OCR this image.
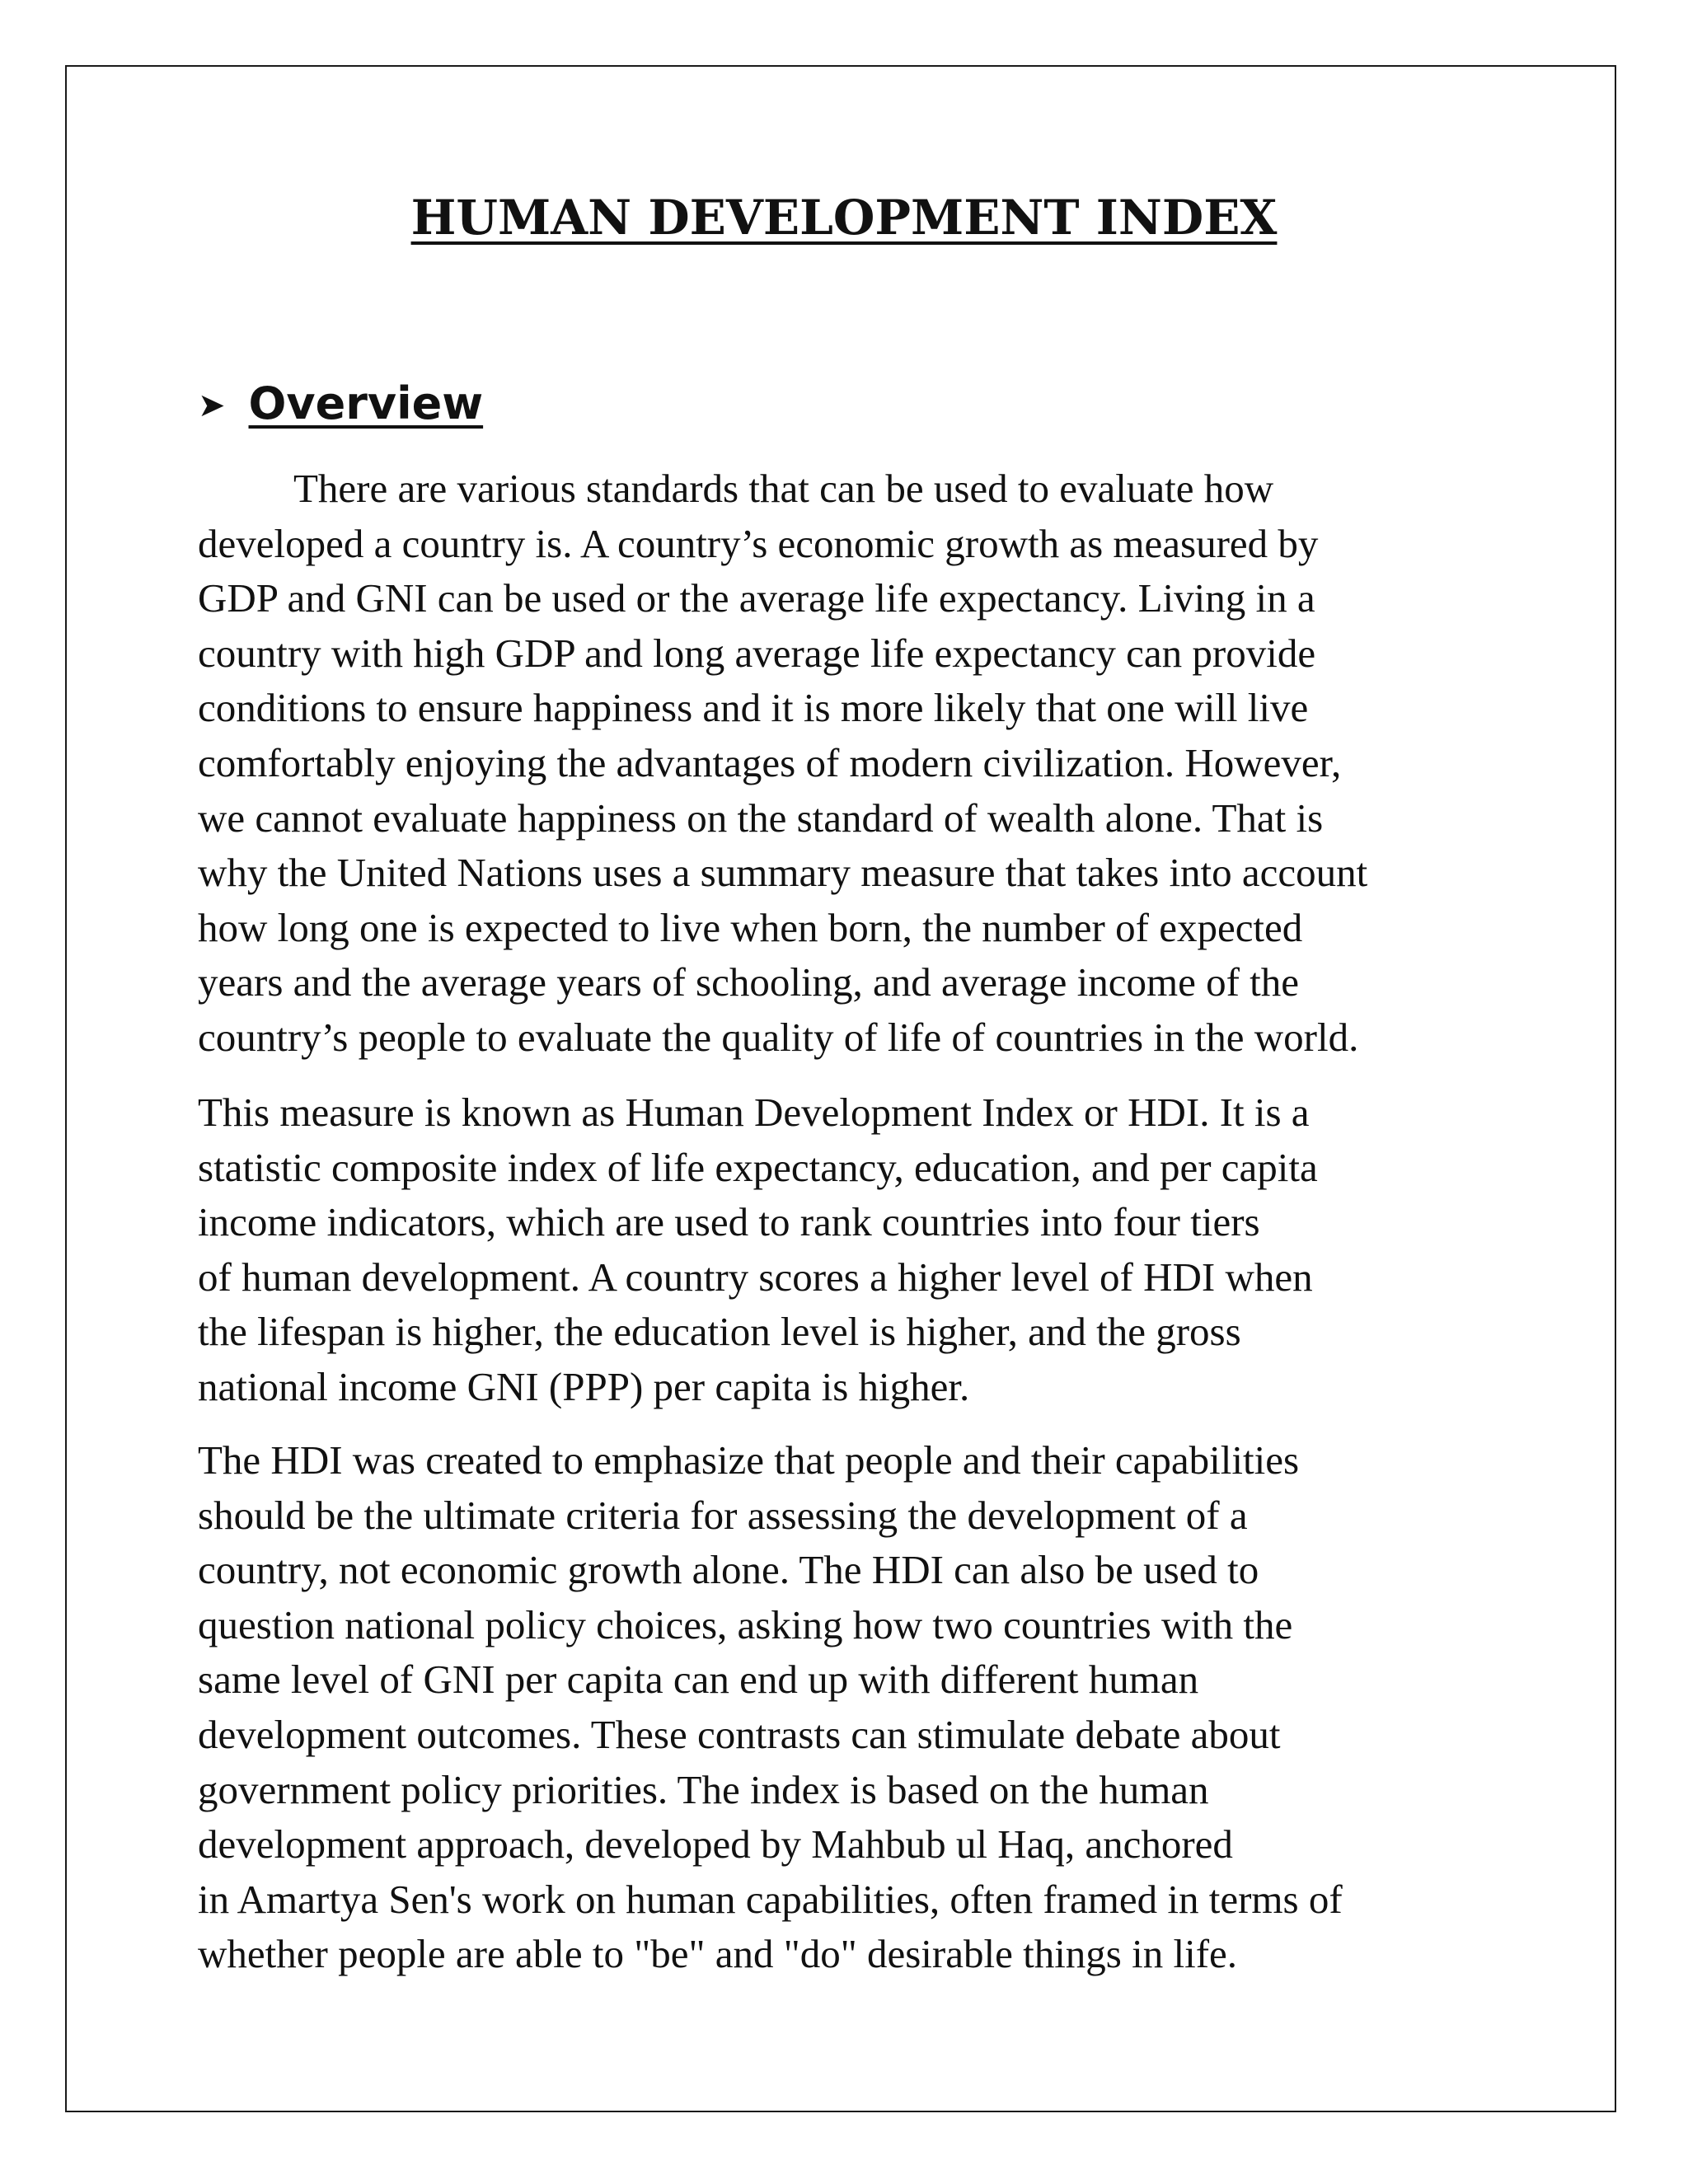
HUMAN DEVELOPMENT INDEX
➤ Overview

There are various standards that can be used to evaluate how
developed a country is. A country’s economic growth as measured by
GDP and GNI can be used or the average life expectancy. Living in a
country with high GDP and long average life expectancy can provide
conditions to ensure happiness and it is more likely that one will live
comfortably enjoying the advantages of modern civilization. However,
we cannot evaluate happiness on the standard of wealth alone. That is
why the United Nations uses a summary measure that takes into account
how long one is expected to live when born, the number of expected
years and the average years of schooling, and average income of the
country’s people to evaluate the quality of life of countries in the world.

This measure is known as Human Development Index or HDI. It is a
statistic composite index of life expectancy, education, and per capita
income indicators, which are used to rank countries into four tiers
of human development. A country scores a higher level of HDI when
the lifespan is higher, the education level is higher, and the gross
national income GNI (PPP) per capita is higher.

The HDI was created to emphasize that people and their capabilities
should be the ultimate criteria for assessing the development of a
country, not economic growth alone. The HDI can also be used to
question national policy choices, asking how two countries with the
same level of GNI per capita can end up with different human
development outcomes. These contrasts can stimulate debate about
government policy priorities. The index is based on the human
development approach, developed by Mahbub ul Haq, anchored
in Amartya Sen's work on human capabilities, often framed in terms of
whether people are able to "be" and "do" desirable things in life.
